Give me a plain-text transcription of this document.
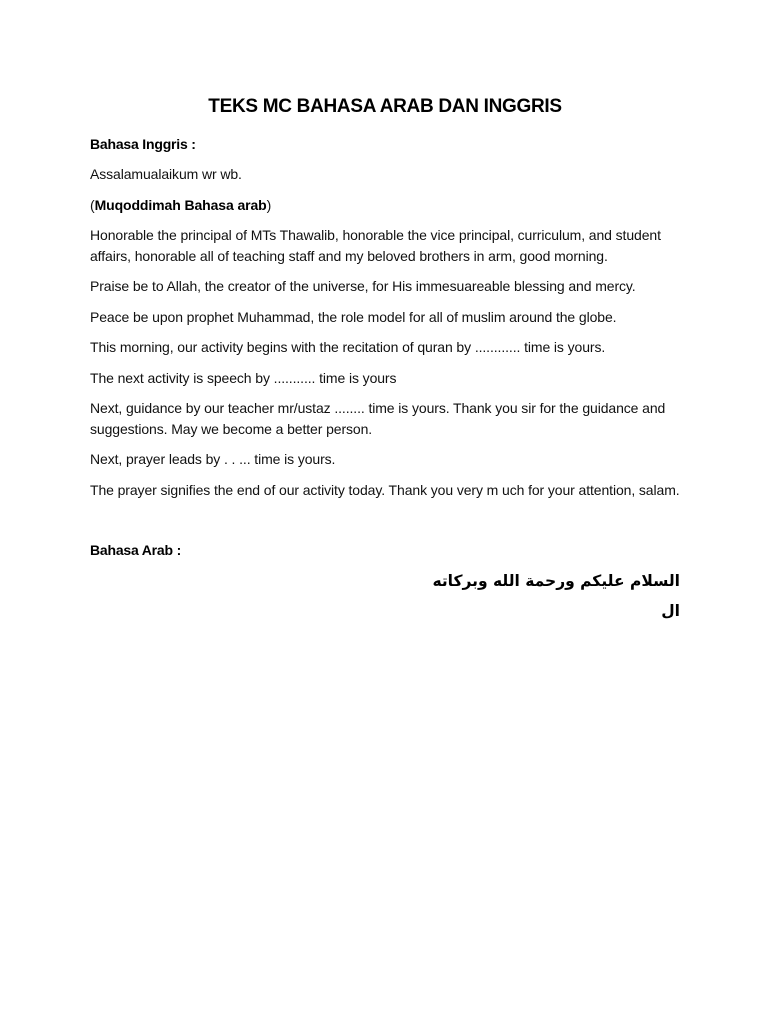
TEKS MC BAHASA ARAB DAN INGGRIS

Bahasa Inggris :

Assalamualaikum wr wb.

(Muqoddimah Bahasa arab)

Honorable the principal of MTs Thawalib, honorable the vice principal, curriculum, and student affairs, honorable all of teaching staff and my beloved brothers in arm, good morning.

Praise be to Allah, the creator of the universe, for His immesuareable blessing and mercy.

Peace be upon prophet Muhammad, the role model for all of muslim around the globe.

This morning, our activity begins with the recitation of quran by ............ time is yours.

The next activity is speech by ........... time is yours

Next, guidance by our teacher mr/ustaz ........ time is yours. Thank you sir for the guidance and suggestions. May we become a better person.

Next, prayer leads by . . ... time is yours.

The prayer signifies the end of our activity today. Thank you very m uch for your attention, salam.

Bahasa Arab :

السلام عليكم ورحمة الله وبركاته

ال
